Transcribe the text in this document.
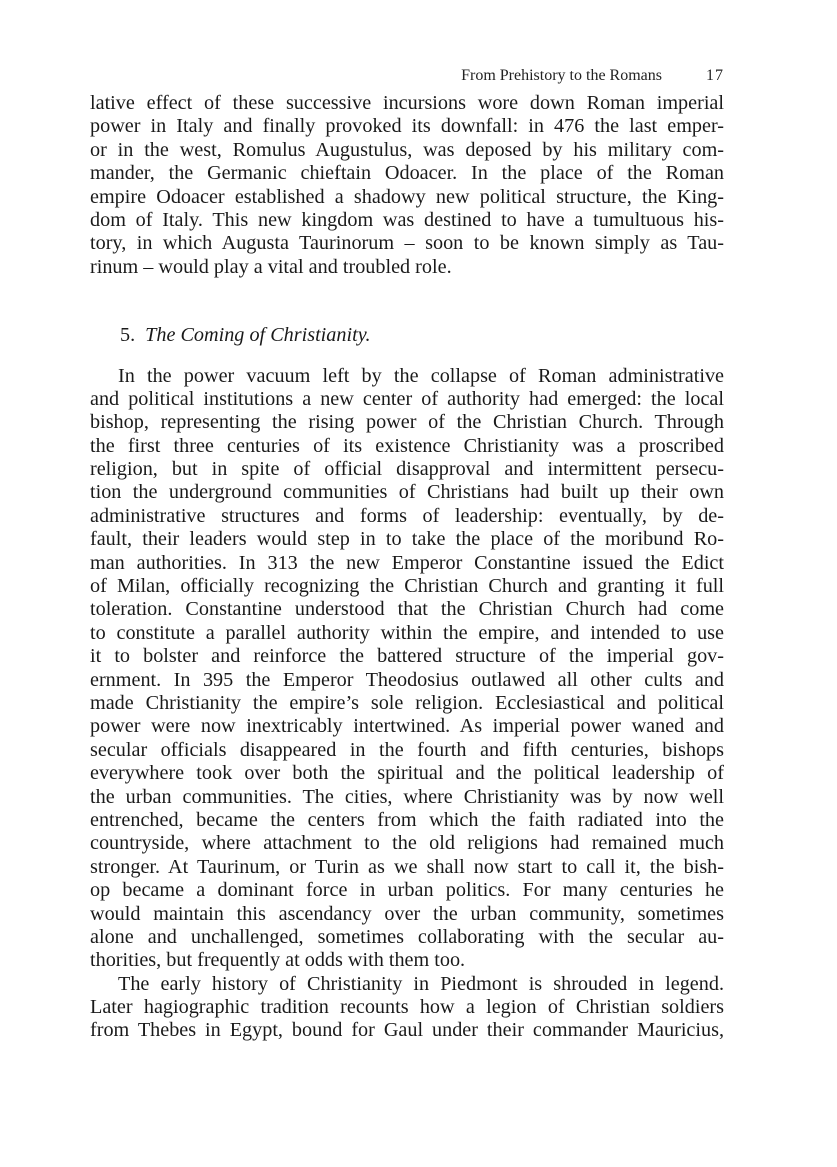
From Prehistory to the Romans	17
lative effect of these successive incursions wore down Roman imperial
power in Italy and finally provoked its downfall: in 476 the last emper-
or in the west, Romulus Augustulus, was deposed by his military com-
mander, the Germanic chieftain Odoacer. In the place of the Roman
empire Odoacer established a shadowy new political structure, the King-
dom of Italy. This new kingdom was destined to have a tumultuous his-
tory, in which Augusta Taurinorum – soon to be known simply as Tau-
rinum – would play a vital and troubled role.
5. The Coming of Christianity.
In the power vacuum left by the collapse of Roman administrative
and political institutions a new center of authority had emerged: the local
bishop, representing the rising power of the Christian Church. Through
the first three centuries of its existence Christianity was a proscribed
religion, but in spite of official disapproval and intermittent persecu-
tion the underground communities of Christians had built up their own
administrative structures and forms of leadership: eventually, by de-
fault, their leaders would step in to take the place of the moribund Ro-
man authorities. In 313 the new Emperor Constantine issued the Edict
of Milan, officially recognizing the Christian Church and granting it full
toleration. Constantine understood that the Christian Church had come
to constitute a parallel authority within the empire, and intended to use
it to bolster and reinforce the battered structure of the imperial gov-
ernment. In 395 the Emperor Theodosius outlawed all other cults and
made Christianity the empire’s sole religion. Ecclesiastical and political
power were now inextricably intertwined. As imperial power waned and
secular officials disappeared in the fourth and fifth centuries, bishops
everywhere took over both the spiritual and the political leadership of
the urban communities. The cities, where Christianity was by now well
entrenched, became the centers from which the faith radiated into the
countryside, where attachment to the old religions had remained much
stronger. At Taurinum, or Turin as we shall now start to call it, the bish-
op became a dominant force in urban politics. For many centuries he
would maintain this ascendancy over the urban community, sometimes
alone and unchallenged, sometimes collaborating with the secular au-
thorities, but frequently at odds with them too.
The early history of Christianity in Piedmont is shrouded in legend.
Later hagiographic tradition recounts how a legion of Christian soldiers
from Thebes in Egypt, bound for Gaul under their commander Mauricius,
